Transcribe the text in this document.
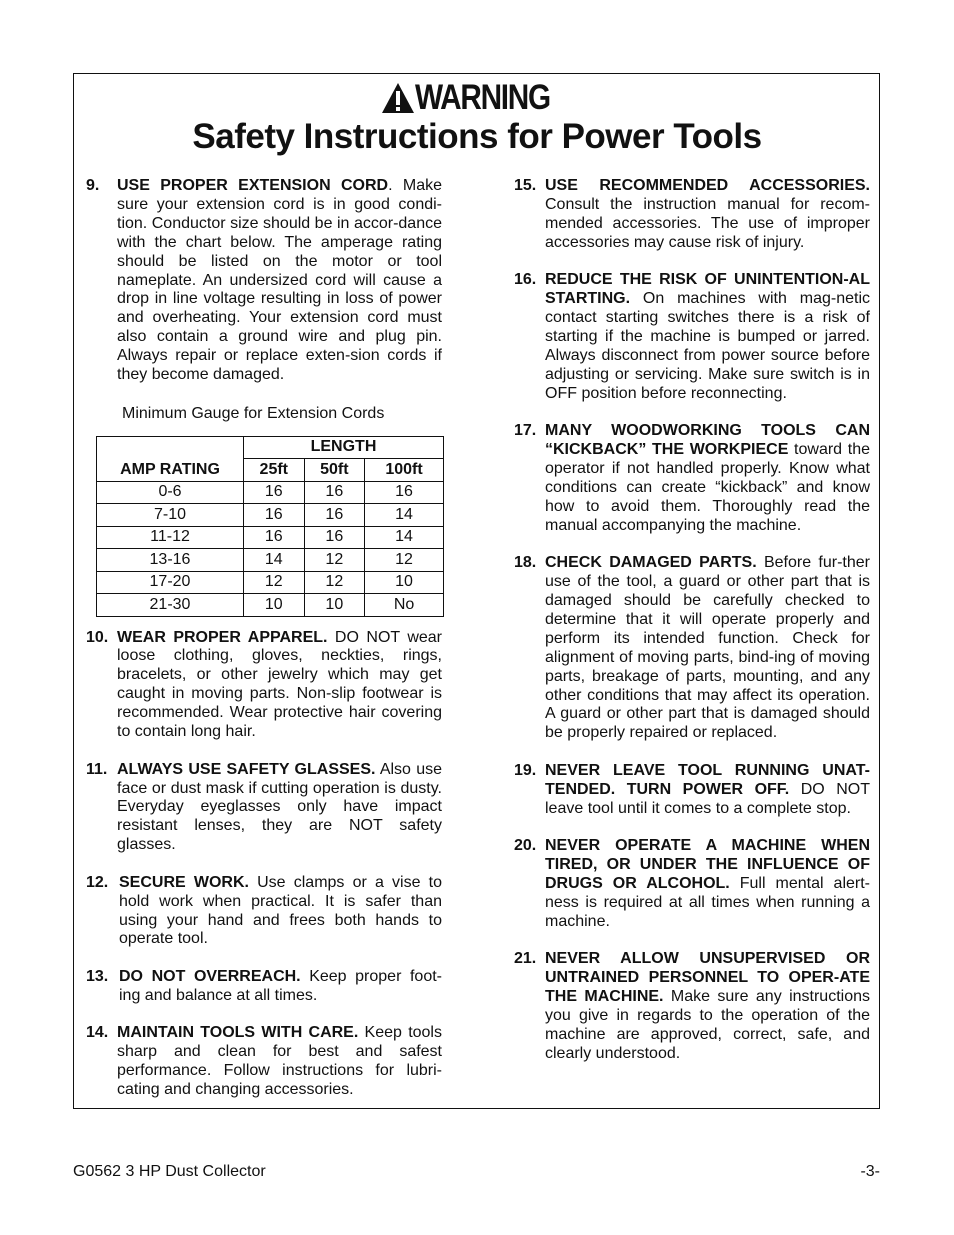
WARNING
Safety Instructions for Power Tools
9. USE PROPER EXTENSION CORD. Make sure your extension cord is in good condi-tion. Conductor size should be in accor-dance with the chart below. The amperage rating should be listed on the motor or tool nameplate. An undersized cord will cause a drop in line voltage resulting in loss of power and overheating. Your extension cord must also contain a ground wire and plug pin. Always repair or replace exten-sion cords if they become damaged.
Minimum Gauge for Extension Cords
AMP RATING	LENGTH		
	25ft	50ft	100ft
0-6	16	16	16
7-10	16	16	14
11-12	16	16	14
13-16	14	12	12
17-20	12	12	10
21-30	10	10	No
10. WEAR PROPER APPAREL. DO NOT wear loose clothing, gloves, neckties, rings, bracelets, or other jewelry which may get caught in moving parts. Non-slip footwear is recommended. Wear protective hair covering to contain long hair.
11. ALWAYS USE SAFETY GLASSES. Also use face or dust mask if cutting operation is dusty. Everyday eyeglasses only have impact resistant lenses, they are NOT safety glasses.
12. SECURE WORK. Use clamps or a vise to hold work when practical. It is safer than using your hand and frees both hands to operate tool.
13. DO NOT OVERREACH. Keep proper foot-ing and balance at all times.
14. MAINTAIN TOOLS WITH CARE. Keep tools sharp and clean for best and safest performance. Follow instructions for lubri-cating and changing accessories.
15. USE RECOMMENDED ACCESSORIES. Consult the instruction manual for recom-mended accessories. The use of improper accessories may cause risk of injury.
16. REDUCE THE RISK OF UNINTENTION-AL STARTING. On machines with mag-netic contact starting switches there is a risk of starting if the machine is bumped or jarred. Always disconnect from power source before adjusting or servicing. Make sure switch is in OFF position before reconnecting.
17. MANY WOODWORKING TOOLS CAN “KICKBACK” THE WORKPIECE toward the operator if not handled properly. Know what conditions can create “kickback” and know how to avoid them. Thoroughly read the manual accompanying the machine.
18. CHECK DAMAGED PARTS. Before fur-ther use of the tool, a guard or other part that is damaged should be carefully checked to determine that it will operate properly and perform its intended function. Check for alignment of moving parts, bind-ing of moving parts, breakage of parts, mounting, and any other conditions that may affect its operation. A guard or other part that is damaged should be properly repaired or replaced.
19. NEVER LEAVE TOOL RUNNING UNAT-TENDED. TURN POWER OFF. DO NOT leave tool until it comes to a complete stop.
20. NEVER OPERATE A MACHINE WHEN TIRED, OR UNDER THE INFLUENCE OF DRUGS OR ALCOHOL. Full mental alert-ness is required at all times when running a machine.
21. NEVER ALLOW UNSUPERVISED OR UNTRAINED PERSONNEL TO OPER-ATE THE MACHINE. Make sure any instructions you give in regards to the operation of the machine are approved, correct, safe, and clearly understood.
G0562 3 HP Dust Collector	-3-
